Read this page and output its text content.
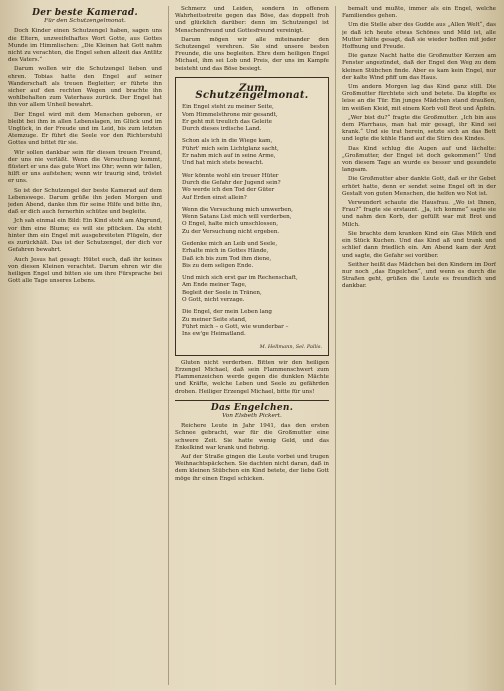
Der beste Kamerad.
Für den Schutzengelmonat.

Doch Kinder einen Schutzengel haben, sagen uns die Eltern, unzweifelhaftes Wort Gotte, aus Gottes Munde im Himmlischen: „Die Kleinen hat Gott nahm nicht zu verachten, die Engel sehen allzeit das Antlitz des Vaters.“

Darum wollen wir die Schutzengel lieben und ehren. Tobias hatte den Engel auf seiner Wanderschaft als treuen Begleiter; er führte ihn sicher auf den rechten Wegen und brachte ihn wohlbehalten zum Vaterhaus zurück. Der Engel hat ihn vor allem Unheil bewahrt.

Der Engel wird mit dem Menschen geboren, er bleibt bei ihm in allen Lebenslagen, im Glück und im Unglück, in der Freude und im Leid, bis zum letzten Atemzuge. Er führt die Seele vor den Richterstuhl Gottes und bittet für sie.

Wir sollen dankbar sein für diesen treuen Freund, der uns nie verläßt. Wenn die Versuchung kommt, flüstert er uns das gute Wort ins Ohr; wenn wir fallen, hilft er uns aufstehen; wenn wir traurig sind, tröstet er uns.

So ist der Schutzengel der beste Kamerad auf dem Lebenswege. Darum grüße ihn jeden Morgen und jeden Abend, danke ihm für seine Hilfe und bitte ihn, daß er dich auch fernerhin schütze und begleite.

Jch sah einmal ein Bild: Ein Kind steht am Abgrund, vor ihm eine Blume; es will sie pflücken. Da steht hinter ihm ein Engel mit ausgebreiteten Flügeln, der es zurückhält. Das ist der Schutzengel, der dich vor Gefahren bewahrt.

Auch Jesus hat gesagt: Hütet euch, daß ihr keines von diesen Kleinen verachtet. Darum ehren wir die heiligen Engel und bitten sie um ihre Fürsprache bei Gott alle Tage unseres Lebens.

Schmerz und Leiden, sondern in offenem Wahrheitsstreite gegen das Böse, das doppelt froh und glücklich darüber: denn im Schutzengel ist Menschenfreund und Gottesfreund vereinigt.

Darum mögen wir alle miteinander den Schutzengel verehren. Sie sind unsere besten Freunde, die uns begleiten. Ehre dem heiligen Engel Michael, ihm sei Lob und Preis, der uns im Kampfe beisteht und das Böse besiegt.

Zum Schutzengelmonat.
Ein Engel steht zu meiner Seite,
Vom Himmelsthrone mir gesandt,
Er geht mit treulich das Geleite
Durch dieses irdische Land.
Schon als ich in die Wiege kam,
Führt' mich sein Lichtglanz sacht,
Er nahm mich auf in seine Arme,
Und hat mich stets bewacht.
Wer könnte wohl ein treuer Hüter
Durch die Gefahr der Jugend sein?
Wo werde ich den Tod der Güter
Auf Erden einst allein?
Wenn die Versuchung mich umwerben,
Wenn Satans List mich will verderben,
O Engel, halte mich umschlossen,
Zu der Versuchung nicht ergeben.
Gedenke mich an Leib und Seele,
Erhalte mich in Gottes Hände,
Daß ich bis zum Tod ihm diene,
Bis zu dem seligen Ende.
Und mich sich erst gar im Rechenschaft,
Am Ende meiner Tage,
Begleit der Seele in Tränen,
O Gott, nicht verzage.
Die Engel, der mein Leben lang
Zu meiner Seite stand,
Führt mich – o Gott, wie wunderbar –
Ins ew'ge Heimatland.
M. Hellmann, Sel. Pallis.

Gluten nicht verderben. Bitten wir den heiligen Erzengel Michael, daß sein Flammenschwert zum Flammenzeichen werde gegen die dunklen Mächte und Kräfte, welche Leben und Seele zu gefährden drohen. Heiliger Erzengel Michael, bitte für uns!

Das Engelchen.
Von Elsbeth Pickert.

Reichere Leute in Jahr 1941, das den ersten Schnee gebracht, war für die Großmutter eine schwere Zeit. Sie hatte wenig Geld, und das Enkelkind war krank und fiebrig.

Auf der Straße gingen die Leute vorbei und trugen Weihnachtspäckchen. Sie dachten nicht daran, daß in dem kleinen Stübchen ein Kind betete, der liebe Gott möge ihr einen Engel schicken.

bemalt und mußte, immer als ein Engel, welche Familiendes gehen.

Um die Stelle aber des Gudde aus „Allen Welt“, das je daß ich heute etwas Schönes und Mild ist, alle Mutter hätte gesagt, daß sie wieder hoffen mit jeder Hoffnung und Freude.

Die ganze Nacht hatte die Großmutter Kerzen am Fenster angezündet, daß der Engel den Weg zu dem kleinen Stübchen finde. Aber es kam kein Engel, nur der kalte Wind pfiff um das Haus.

Um andern Morgen lag das Kind ganz still. Die Großmutter fürchtete sich und betete. Da klopfte es leise an die Tür. Ein junges Mädchen stand draußen, im weißen Kleid, mit einem Korb voll Brot und Äpfeln.

„Wer bist du?“ fragte die Großmutter. „Ich bin aus dem Pfarrhaus, man hat mir gesagt, ihr Kind sei krank.“ Und sie trat herein, setzte sich an das Bett und legte die kühle Hand auf die Stirn des Kindes.

Das Kind schlug die Augen auf und lächelte: „Großmutter, der Engel ist doch gekommen!“ Und von diesem Tage an wurde es besser und gesundete langsam.

Die Großmutter aber dankte Gott, daß er ihr Gebet erhört hatte, denn er sendet seine Engel oft in der Gestalt von guten Menschen, die helfen wo Not ist.

Verwundert schaute die Hausfrau. „Wo ist Ihnen, Frau?“ fragte sie erstaunt. „Ja, ich komme“ sagte sie und nahm den Korb, der gefüllt war mit Brot und Milch.

Sie brachte dem kranken Kind ein Glas Milch und ein Stück Kuchen. Und das Kind aß und trank und schlief dann friedlich ein. Am Abend kam der Arzt und sagte, die Gefahr sei vorüber.

Seither heißt das Mädchen bei den Kindern im Dorf nur noch „das Engelchen“, und wenn es durch die Straßen geht, grüßen die Leute es freundlich und dankbar.
